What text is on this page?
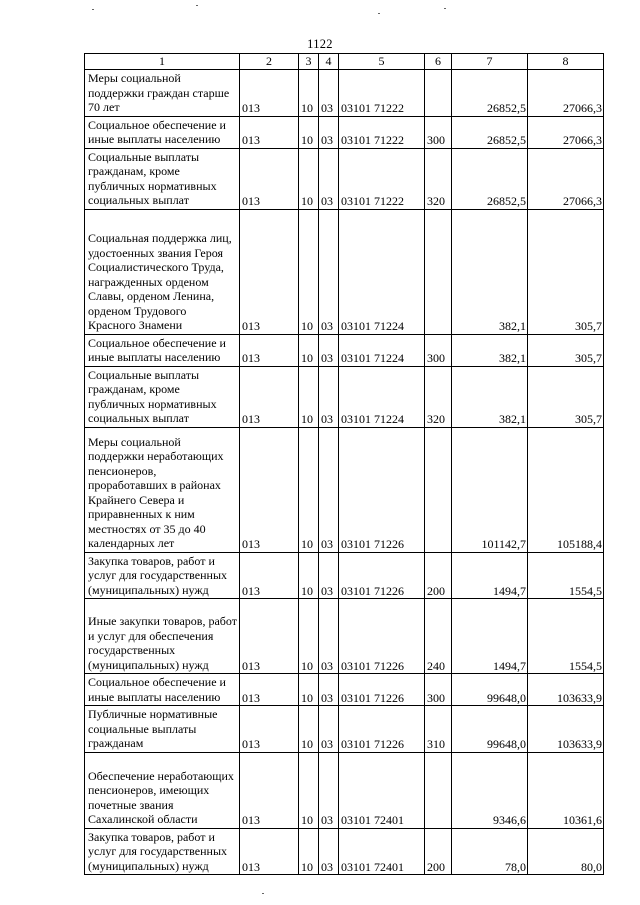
1122
1	2	3	4	5	6	7	8
Меры социальной поддержки граждан старше 70 лет	013	10	03	03101 71222		26852,5	27066,3
Социальное обеспечение и иные выплаты населению	013	10	03	03101 71222	300	26852,5	27066,3
Социальные выплаты гражданам, кроме публичных нормативных социальных выплат	013	10	03	03101 71222	320	26852,5	27066,3
Социальная поддержка лиц, удостоенных звания Героя Социалистического Труда, награжденных орденом Славы, орденом Ленина, орденом Трудового Красного Знамени	013	10	03	03101 71224		382,1	305,7
Социальное обеспечение и иные выплаты населению	013	10	03	03101 71224	300	382,1	305,7
Социальные выплаты гражданам, кроме публичных нормативных социальных выплат	013	10	03	03101 71224	320	382,1	305,7
Меры социальной поддержки неработающих пенсионеров, проработавших в районах Крайнего Севера и приравненных к ним местностях от 35 до 40 календарных лет	013	10	03	03101 71226		101142,7	105188,4
Закупка товаров, работ и услуг для государственных (муниципальных) нужд	013	10	03	03101 71226	200	1494,7	1554,5
Иные закупки товаров, работ и услуг для обеспечения государственных (муниципальных) нужд	013	10	03	03101 71226	240	1494,7	1554,5
Социальное обеспечение и иные выплаты населению	013	10	03	03101 71226	300	99648,0	103633,9
Публичные нормативные социальные выплаты гражданам	013	10	03	03101 71226	310	99648,0	103633,9
Обеспечение неработающих пенсионеров, имеющих почетные звания Сахалинской области	013	10	03	03101 72401		9346,6	10361,6
Закупка товаров, работ и услуг для государственных (муниципальных) нужд	013	10	03	03101 72401	200	78,0	80,0
